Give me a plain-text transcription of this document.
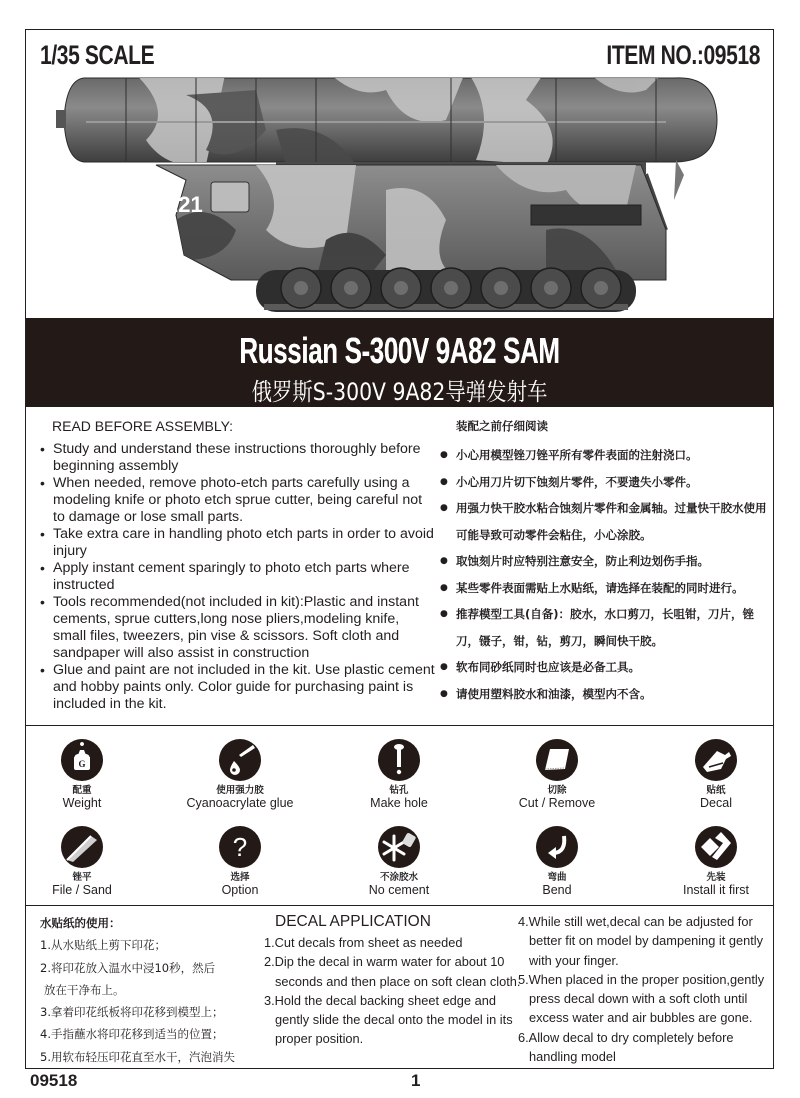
1/35 SCALE	ITEM NO.:09518
221
Russian S-300V 9A82 SAM
俄罗斯S-300V 9A82导弹发射车
READ BEFORE ASSEMBLY:
• Study and understand these instructions thoroughly before beginning assembly
• When needed, remove photo-etch parts carefully using a modeling knife or photo etch sprue cutter, being careful not to damage or lose small parts.
• Take extra care in handling photo etch parts in order to avoid injury
• Apply instant cement sparingly to photo etch parts where instructed
• Tools recommended(not included in kit):Plastic and instant cements, sprue cutters,long nose pliers,modeling knife, small files, tweezers, pin vise & scissors. Soft cloth and sandpaper will also assist in construction
• Glue and paint are not included in the kit. Use plastic cement and hobby paints only. Color guide for purchasing paint is included in the kit.
装配之前仔细阅读
● 小心用模型锉刀锉平所有零件表面的注射浇口。
● 小心用刀片切下蚀刻片零件，不要遗失小零件。
● 用强力快干胶水粘合蚀刻片零件和金属轴。过量快干胶水使用可能导致可动零件会粘住，小心涂胶。
● 取蚀刻片时应特别注意安全，防止利边划伤手指。
● 某些零件表面需贴上水贴纸，请选择在装配的同时进行。
● 推荐模型工具(自备)：胶水，水口剪刀，长咀钳，刀片，锉刀，镊子，钳，钻，剪刀，瞬间快干胶。
● 软布同砂纸同时也应该是必备工具。
● 请使用塑料胶水和油漆，模型内不含。
G
配重
Weight
使用强力胶
Cyanoacrylate glue
钻孔
Make hole
切除
Cut / Remove
贴纸
Decal
锉平
File / Sand
?
选择
Option
不涂胶水
No cement
弯曲
Bend
先装
Install it first
水贴纸的使用：
1.从水贴纸上剪下印花；
2.将印花放入温水中浸10秒，然后
放在干净布上。
3.拿着印花纸板将印花移到模型上；
4.手指蘸水将印花移到适当的位置；
5.用软布轻压印花直至水干，汽泡消失
DECAL APPLICATION
1.Cut decals from sheet as needed
2.Dip the decal in warm water for about 10 seconds and then place on soft clean cloth.
3.Hold the decal backing sheet edge and gently slide the decal onto the model in its proper position.
4.While still wet,decal can be adjusted for better fit on model by dampening it gently with your finger.
5.When placed in the proper position,gently press decal down with a soft cloth until excess water and air bubbles are gone.
6.Allow decal to dry completely before handling model
09518	1
